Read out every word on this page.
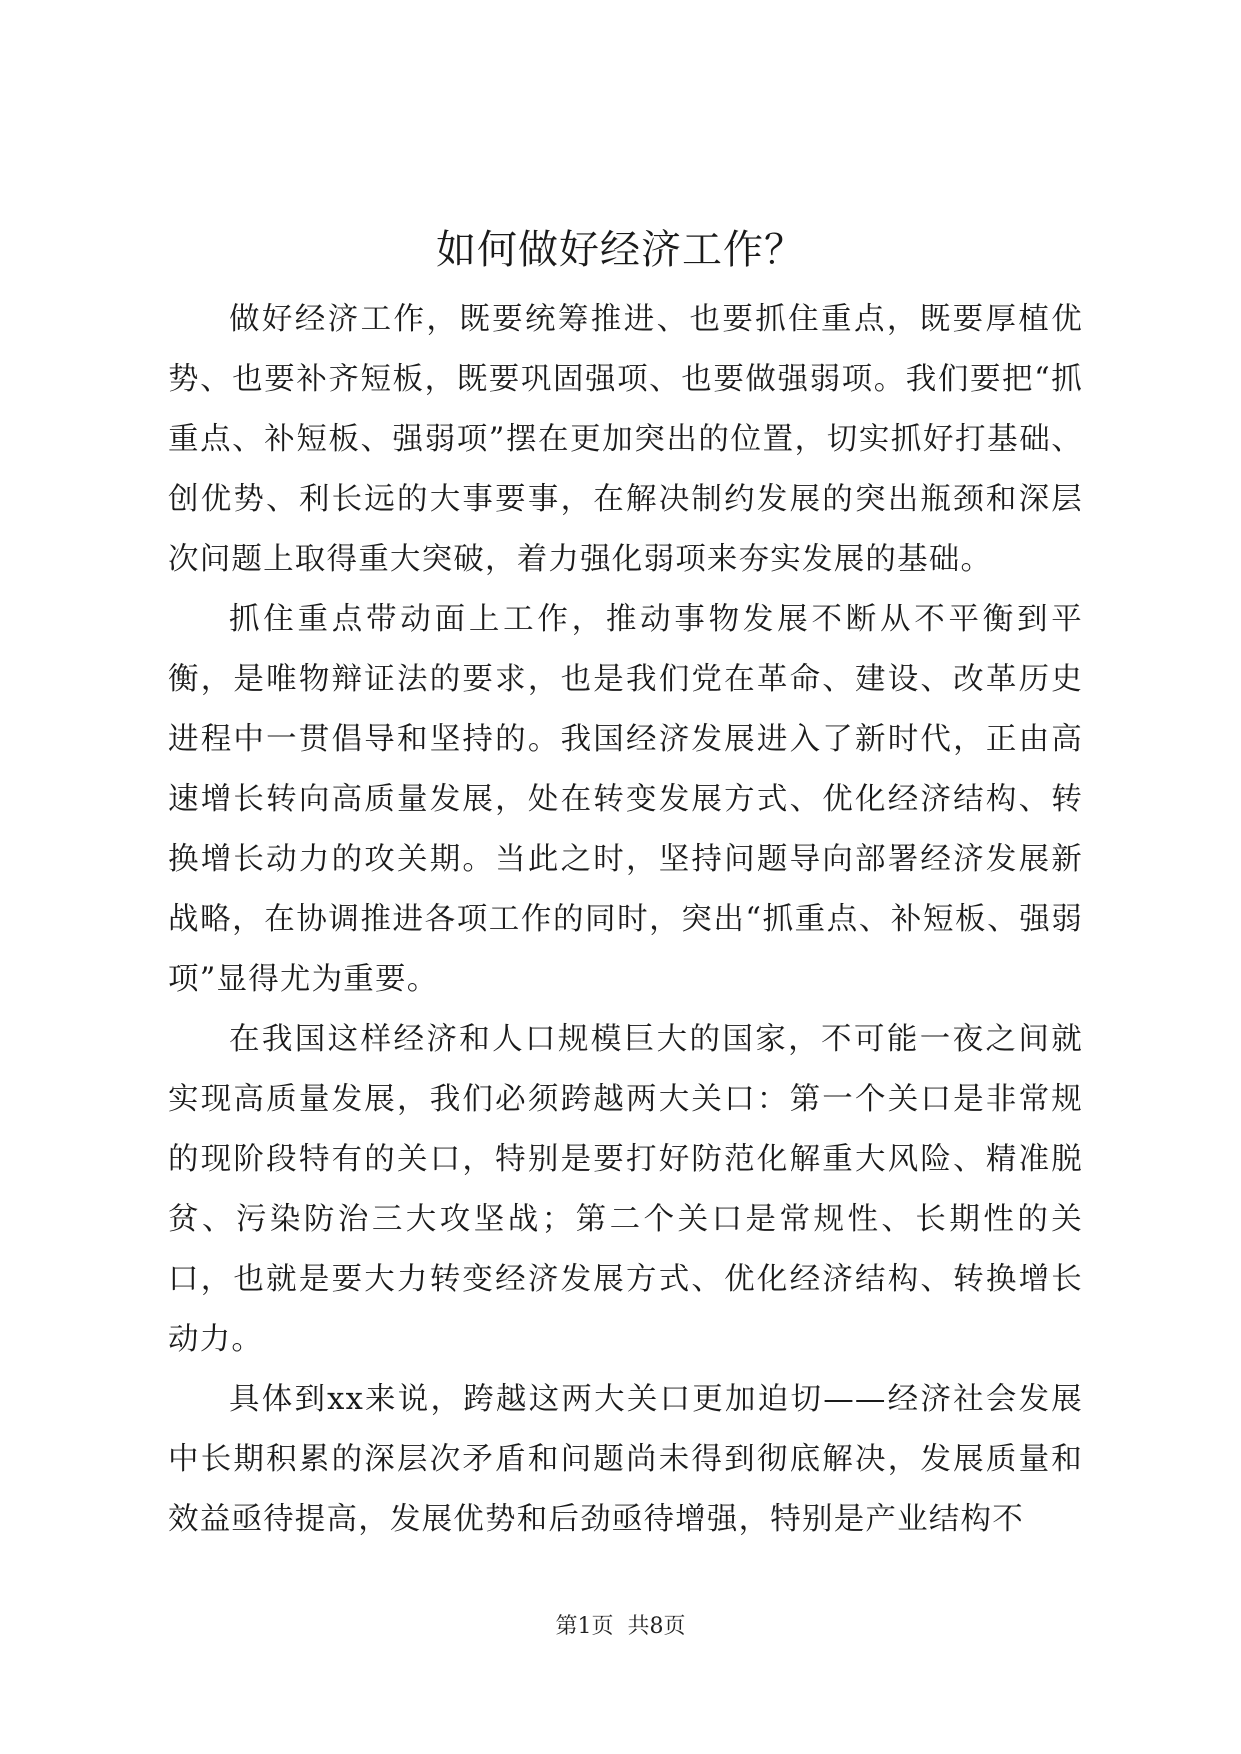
如何做好经济工作？

做好经济工作，既要统筹推进、也要抓住重点，既要厚植优势、也要补齐短板，既要巩固强项、也要做强弱项。我们要把“抓重点、补短板、强弱项”摆在更加突出的位置，切实抓好打基础、创优势、利长远的大事要事，在解决制约发展的突出瓶颈和深层次问题上取得重大突破，着力强化弱项来夯实发展的基础。

抓住重点带动面上工作，推动事物发展不断从不平衡到平衡，是唯物辩证法的要求，也是我们党在革命、建设、改革历史进程中一贯倡导和坚持的。我国经济发展进入了新时代，正由高速增长转向高质量发展，处在转变发展方式、优化经济结构、转换增长动力的攻关期。当此之时，坚持问题导向部署经济发展新战略，在协调推进各项工作的同时，突出“抓重点、补短板、强弱项”显得尤为重要。

在我国这样经济和人口规模巨大的国家，不可能一夜之间就实现高质量发展，我们必须跨越两大关口：第一个关口是非常规的现阶段特有的关口，特别是要打好防范化解重大风险、精准脱贫、污染防治三大攻坚战；第二个关口是常规性、长期性的关口，也就是要大力转变经济发展方式、优化经济结构、转换增长动力。

具体到xx来说，跨越这两大关口更加迫切——经济社会发展中长期积累的深层次矛盾和问题尚未得到彻底解决，发展质量和效益亟待提高，发展优势和后劲亟待增强，特别是产业结构不

第1页 共8页
